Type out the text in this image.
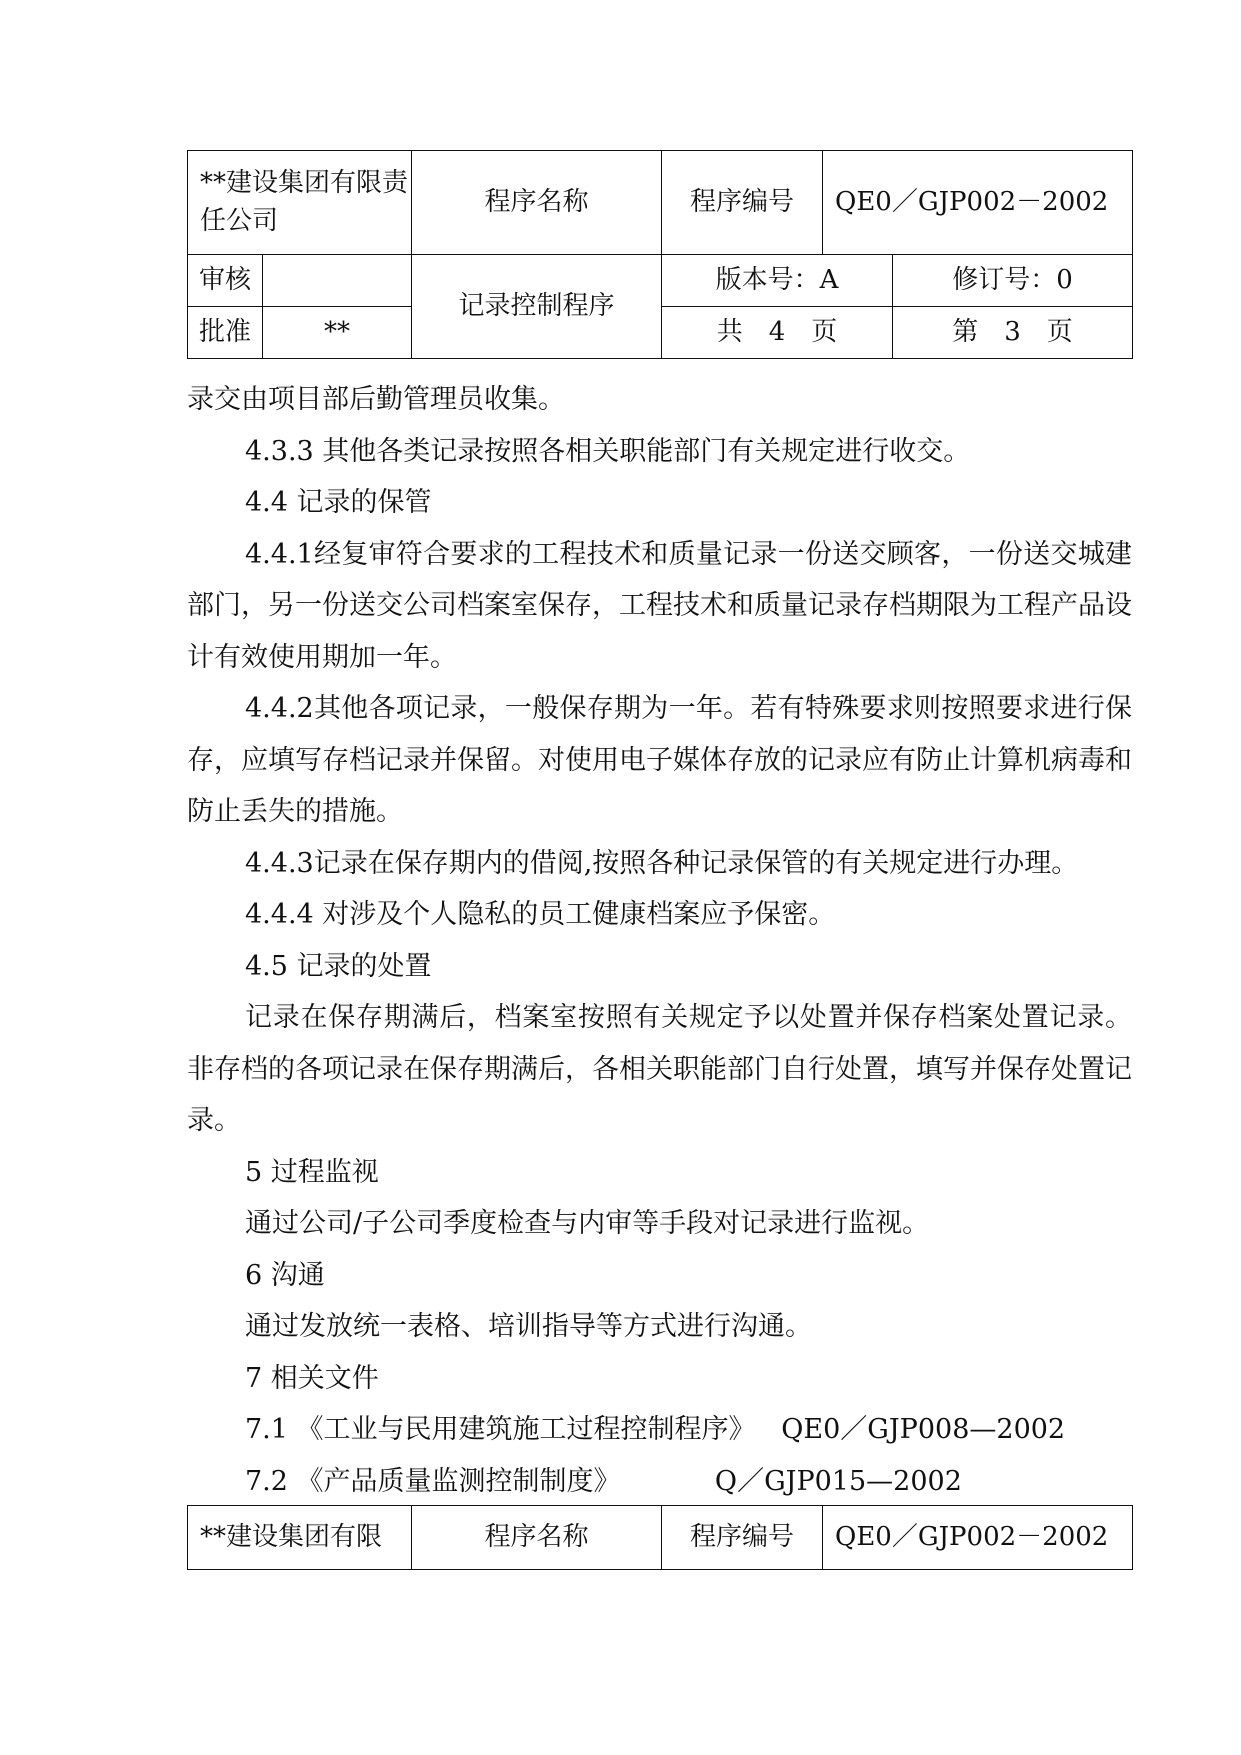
**建设集团有限责任公司		程序名称	程序编号	QE0／GJP002－2002	
审核		记录控制程序	版本号：A		修订号：0
批准	**		共　4　页		第　3　页

录交由项目部后勤管理员收集。

4.3.3 其他各类记录按照各相关职能部门有关规定进行收交。

4.4 记录的保管

4.4.1经复审符合要求的工程技术和质量记录一份送交顾客，一份送交城建部门，另一份送交公司档案室保存，工程技术和质量记录存档期限为工程产品设计有效使用期加一年。

4.4.2其他各项记录，一般保存期为一年。若有特殊要求则按照要求进行保存，应填写存档记录并保留。对使用电子媒体存放的记录应有防止计算机病毒和防止丢失的措施。

4.4.3记录在保存期内的借阅,按照各种记录保管的有关规定进行办理。

4.4.4 对涉及个人隐私的员工健康档案应予保密。

4.5 记录的处置

记录在保存期满后，档案室按照有关规定予以处置并保存档案处置记录。非存档的各项记录在保存期满后，各相关职能部门自行处置，填写并保存处置记录。

5 过程监视

通过公司/子公司季度检查与内审等手段对记录进行监视。

6 沟通

通过发放统一表格、培训指导等方式进行沟通。

7 相关文件

7.1 《工业与民用建筑施工过程控制程序》   QE0／GJP008—2002

7.2 《产品质量监测控制制度》           Q／GJP015—2002

**建设集团有限	程序名称	程序编号	QE0／GJP002－2002
